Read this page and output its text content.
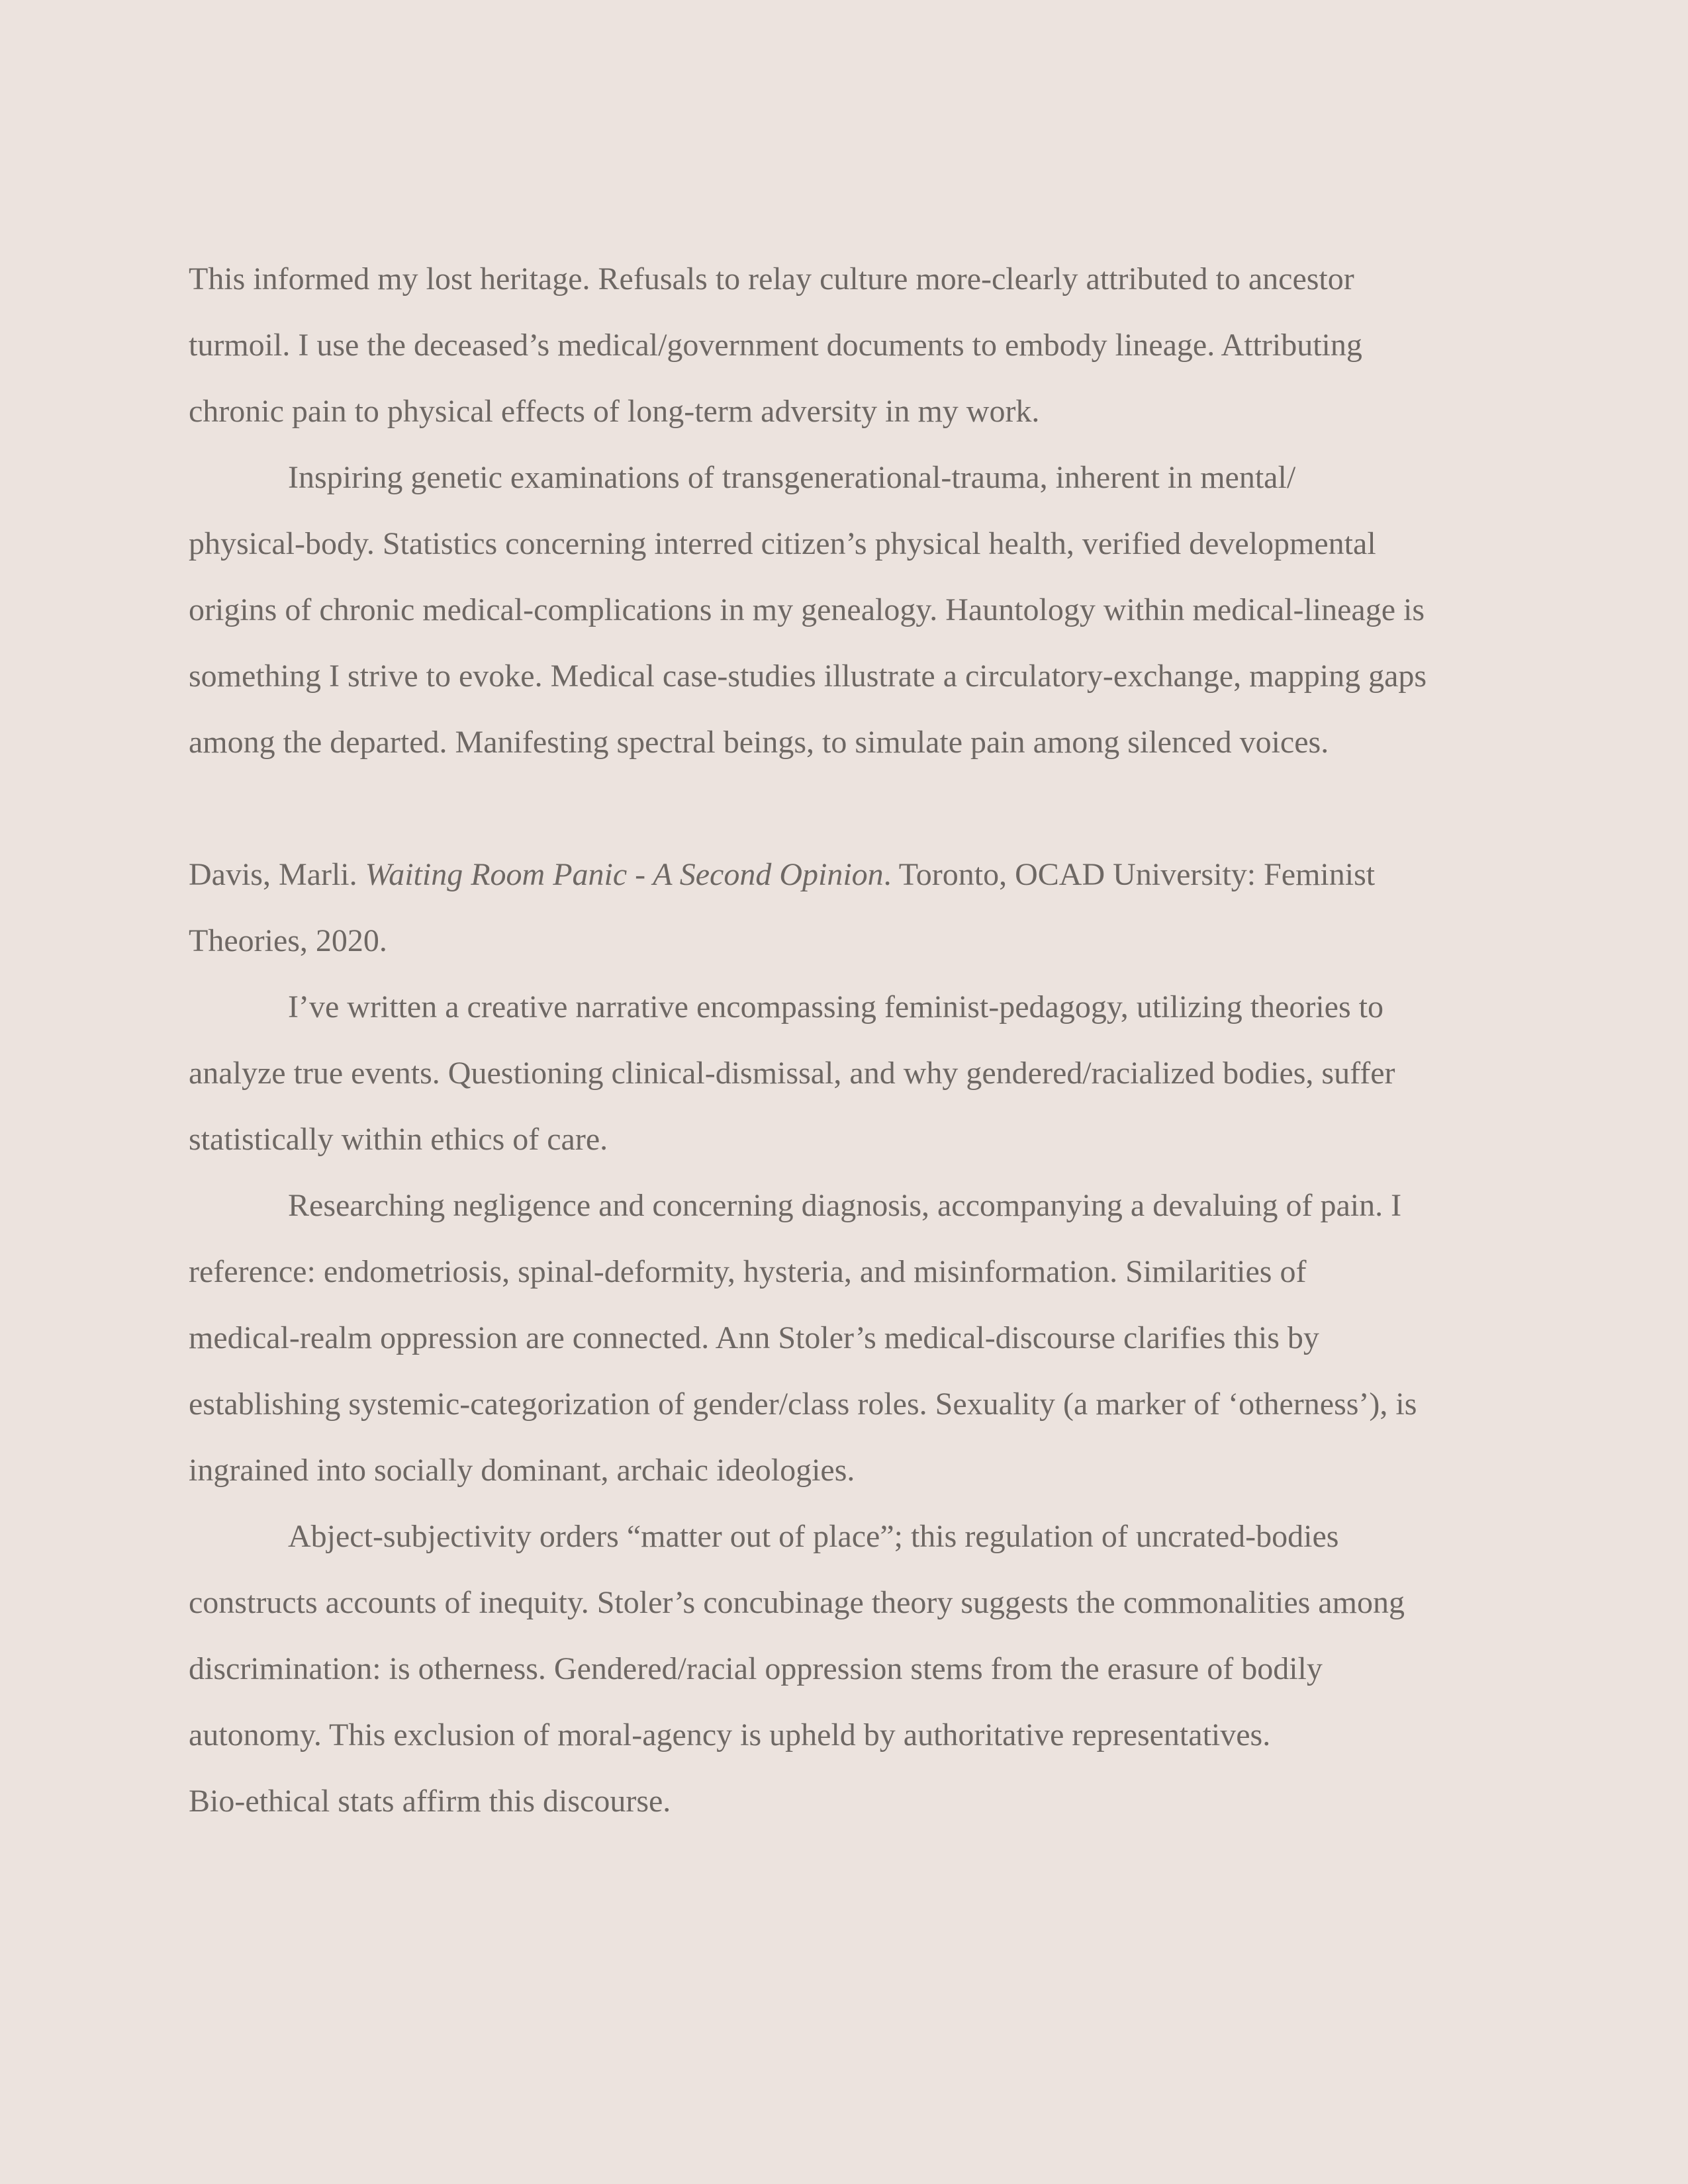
This informed my lost heritage. Refusals to relay culture more-clearly attributed to ancestor
turmoil. I use the deceased’s medical/government documents to embody lineage. Attributing
chronic pain to physical effects of long-term adversity in my work.
Inspiring genetic examinations of transgenerational-trauma, inherent in mental/
physical-body. Statistics concerning interred citizen’s physical health, verified developmental
origins of chronic medical-complications in my genealogy. Hauntology within medical-lineage is
something I strive to evoke. Medical case-studies illustrate a circulatory-exchange, mapping gaps
among the departed. Manifesting spectral beings, to simulate pain among silenced voices.
Davis, Marli. Waiting Room Panic - A Second Opinion. Toronto, OCAD University: Feminist
Theories, 2020.
I’ve written a creative narrative encompassing feminist-pedagogy, utilizing theories to
analyze true events. Questioning clinical-dismissal, and why gendered/racialized bodies, suffer
statistically within ethics of care.
Researching negligence and concerning diagnosis, accompanying a devaluing of pain. I
reference: endometriosis, spinal-deformity, hysteria, and misinformation. Similarities of
medical-realm oppression are connected. Ann Stoler’s medical-discourse clarifies this by
establishing systemic-categorization of gender/class roles. Sexuality (a marker of ‘otherness’), is
ingrained into socially dominant, archaic ideologies.
Abject-subjectivity orders “matter out of place”; this regulation of uncrated-bodies
constructs accounts of inequity. Stoler’s concubinage theory suggests the commonalities among
discrimination: is otherness. Gendered/racial oppression stems from the erasure of bodily
autonomy. This exclusion of moral-agency is upheld by authoritative representatives.
Bio-ethical stats affirm this discourse.
